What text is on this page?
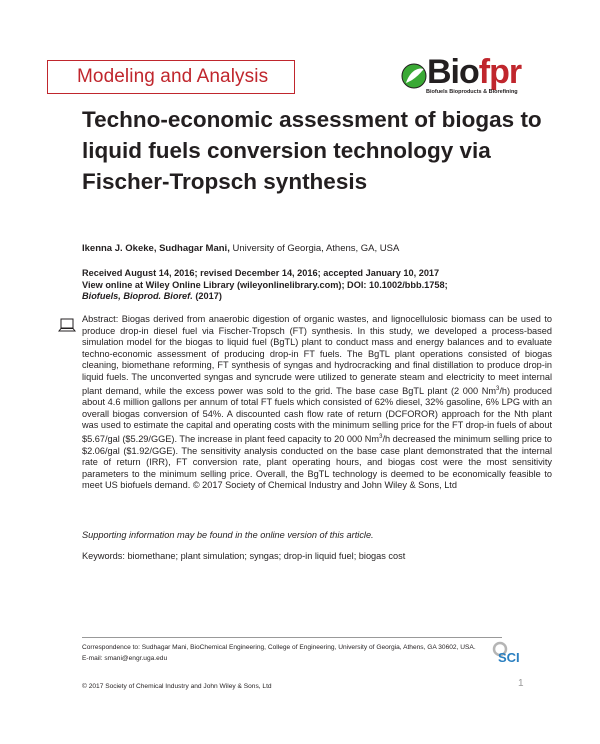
Modeling and Analysis	Biofpr
Biofuels Bioproducts & Biorefining
Techno-economic assessment of biogas to liquid fuels conversion technology via Fischer-Tropsch synthesis
Ikenna J. Okeke, Sudhagar Mani, University of Georgia, Athens, GA, USA
Received August 14, 2016; revised December 14, 2016; accepted January 10, 2017
View online at Wiley Online Library (wileyonlinelibrary.com); DOI: 10.1002/bbb.1758;
Biofuels, Bioprod. Bioref. (2017)
Abstract: Biogas derived from anaerobic digestion of organic wastes, and lignocellulosic biomass can be used to produce drop-in diesel fuel via Fischer-Tropsch (FT) synthesis. In this study, we developed a process-based simulation model for the biogas to liquid fuel (BgTL) plant to conduct mass and energy balances and to evaluate techno-economic assessment of producing drop-in FT fuels. The BgTL plant operations consisted of biogas cleaning, biomethane reforming, FT synthesis of syngas and hydrocracking and final distillation to produce drop-in liquid fuels. The unconverted syngas and syncrude were utilized to generate steam and electricity to meet internal plant demand, while the excess power was sold to the grid. The base case BgTL plant (2 000 Nm$^3$/h) produced about 4.6 million gallons per annum of total FT fuels which consisted of 62% diesel, 32% gasoline, 6% LPG with an overall biogas conversion of 54%. A discounted cash flow rate of return (DCFOROR) approach for the Nth plant was used to estimate the capital and operating costs with the minimum selling price for the FT drop-in fuels of about $5.67/gal ($5.29/GGE). The increase in plant feed capacity to 20 000 Nm$^3$/h decreased the minimum selling price to $2.06/gal ($1.92/GGE). The sensitivity analysis conducted on the base case plant demonstrated that the internal rate of return (IRR), FT conversion rate, plant operating hours, and biogas cost were the most sensitivity parameters to the minimum selling price. Overall, the BgTL technology is deemed to be economically feasible to meet US biofuels demand. © 2017 Society of Chemical Industry and John Wiley & Sons, Ltd
Supporting information may be found in the online version of this article.
Keywords: biomethane; plant simulation; syngas; drop-in liquid fuel; biogas cost
Correspondence to: Sudhagar Mani, BioChemical Engineering, College of Engineering, University of Georgia, Athens, GA 30602, USA.
E-mail: smani@engr.uga.edu	SCI
© 2017 Society of Chemical Industry and John Wiley & Sons, Ltd	1
